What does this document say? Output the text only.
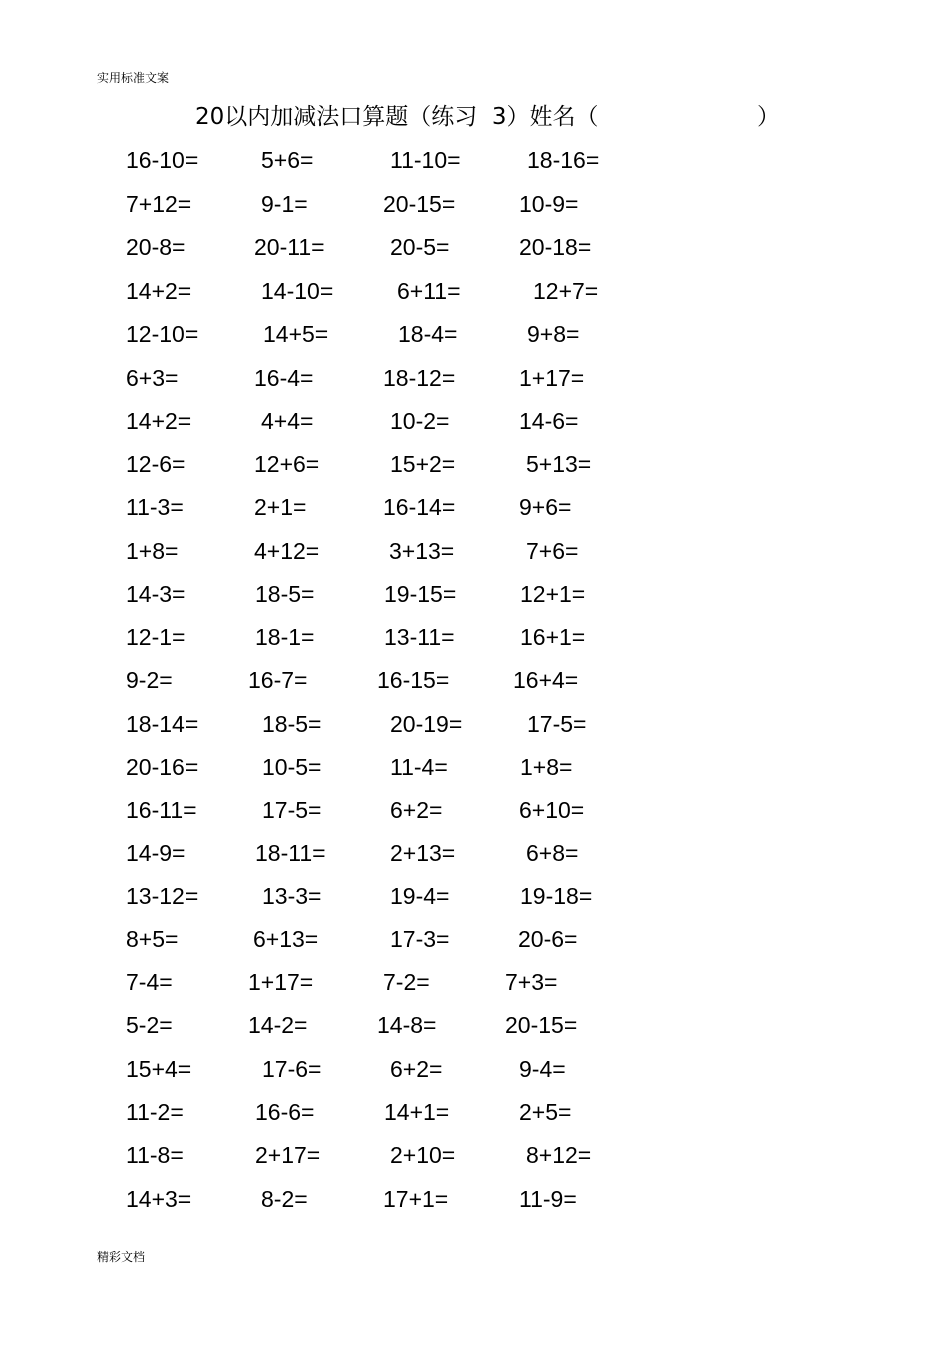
实用标准文案
20以内加减法口算题（练习  3）姓名（	）
16-10=	5+6=	11-10=	18-16=
7+12=	9-1=	20-15=	10-9=
20-8=	20-11=	20-5=	20-18=
14+2=	14-10=	6+11=	12+7=
12-10=	14+5=	18-4=	9+8=
6+3=	16-4=	18-12=	1+17=
14+2=	4+4=	10-2=	14-6=
12-6=	12+6=	15+2=	5+13=
11-3=	2+1=	16-14=	9+6=
1+8=	4+12=	3+13=	7+6=
14-3=	18-5=	19-15=	12+1=
12-1=	18-1=	13-11=	16+1=
9-2=	16-7=	16-15=	16+4=
18-14=	18-5=	20-19=	17-5=
20-16=	10-5=	11-4=	1+8=
16-11=	17-5=	6+2=	6+10=
14-9=	18-11=	2+13=	6+8=
13-12=	13-3=	19-4=	19-18=
8+5=	6+13=	17-3=	20-6=
7-4=	1+17=	7-2=	7+3=
5-2=	14-2=	14-8=	20-15=
15+4=	17-6=	6+2=	9-4=
11-2=	16-6=	14+1=	2+5=
11-8=	2+17=	2+10=	8+12=
14+3=	8-2=	17+1=	11-9=
精彩文档
